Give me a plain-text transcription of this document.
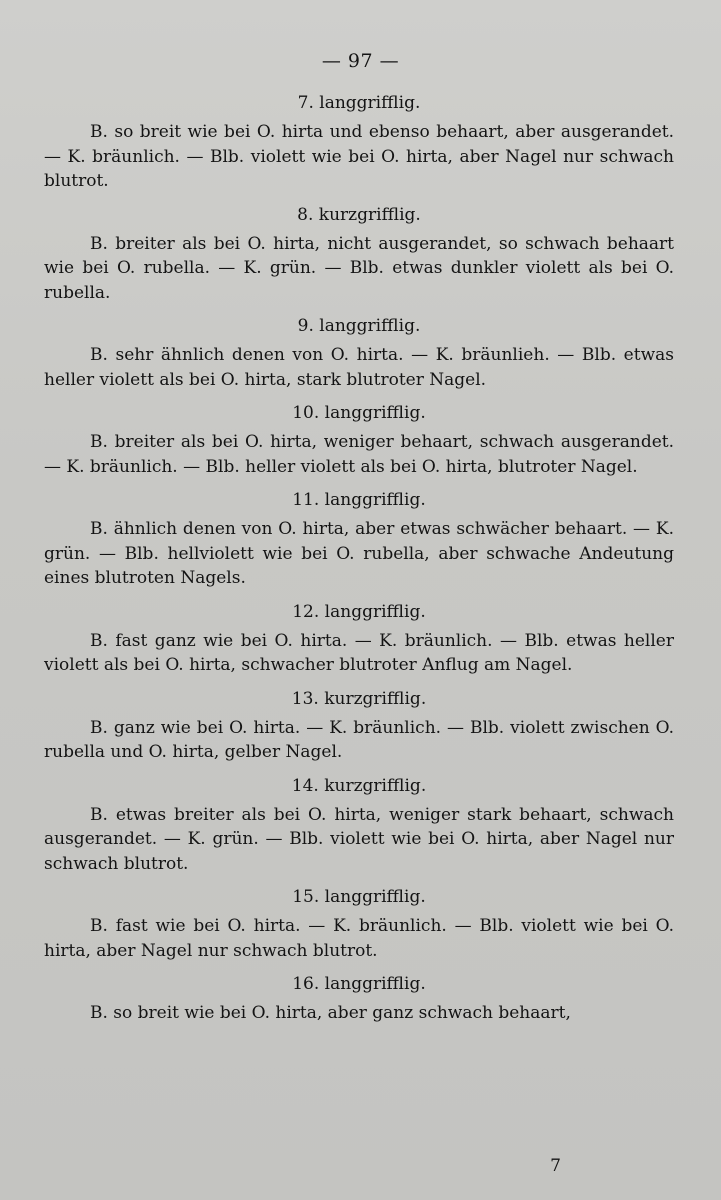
— 97 —
7. langgrifflig.

B. so breit wie bei O. hirta und ebenso behaart, aber ausgerandet. — K. bräunlich. — Blb. violett wie bei O. hirta, aber Nagel nur schwach blutrot.

8. kurzgrifflig.

B. breiter als bei O. hirta, nicht ausgerandet, so schwach behaart wie bei O. rubella. — K. grün. — Blb. etwas dunkler violett als bei O. rubella.

9. langgrifflig.

B. sehr ähnlich denen von O. hirta. — K. bräunlieh. — Blb. etwas heller violett als bei O. hirta, stark blutroter Nagel.

10. langgrifflig.

B. breiter als bei O. hirta, weniger behaart, schwach ausgerandet. — K. bräunlich. — Blb. heller violett als bei O. hirta, blutroter Nagel.

11. langgrifflig.

B. ähnlich denen von O. hirta, aber etwas schwächer behaart. — K. grün. — Blb. hellviolett wie bei O. rubella, aber schwache Andeutung eines blutroten Nagels.

12. langgrifflig.

B. fast ganz wie bei O. hirta. — K. bräunlich. — Blb. etwas heller violett als bei O. hirta, schwacher blutroter Anflug am Nagel.

13. kurzgrifflig.

B. ganz wie bei O. hirta. — K. bräunlich. — Blb. violett zwischen O. rubella und O. hirta, gelber Nagel.

14. kurzgrifflig.

B. etwas breiter als bei O. hirta, weniger stark behaart, schwach ausgerandet. — K. grün. — Blb. violett wie bei O. hirta, aber Nagel nur schwach blutrot.

15. langgrifflig.

B. fast wie bei O. hirta. — K. bräunlich. — Blb. violett wie bei O. hirta, aber Nagel nur schwach blutrot.

16. langgrifflig.

B. so breit wie bei O. hirta, aber ganz schwach behaart,

7
